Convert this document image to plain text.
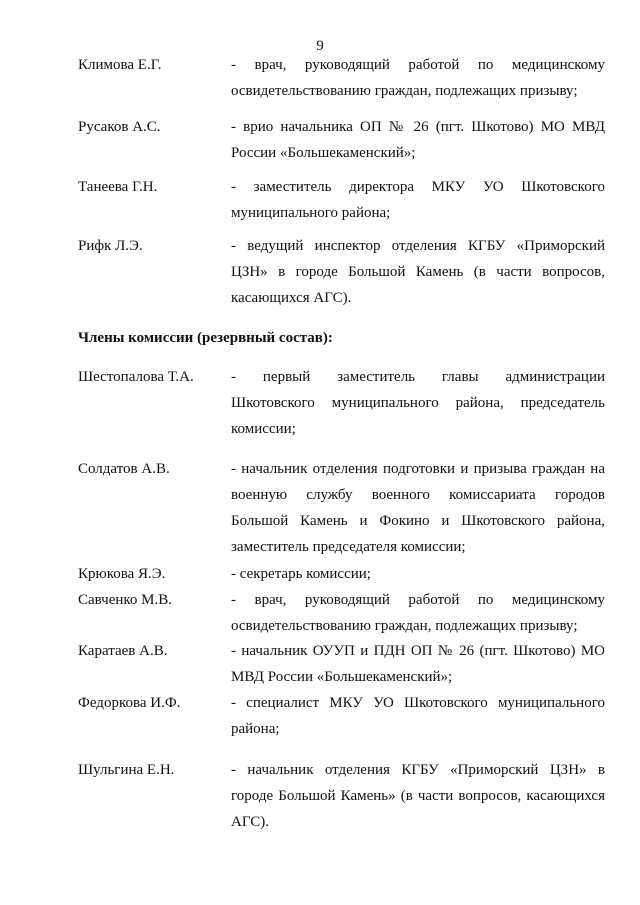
9
Климова Е.Г.	- врач, руководящий работой по медицинскому
освидетельствованию граждан, подлежащих призыву;
Русаков А.С.	- врио начальника ОП № 26 (пгт. Шкотово) МО МВД
России «Большекаменский»;
Танеева Г.Н.	- заместитель директора МКУ УО Шкотовского
муниципального района;
Рифк Л.Э.	- ведущий инспектор отделения КГБУ «Приморский
ЦЗН» в городе Большой Камень (в части вопросов,
касающихся АГС).
Члены комиссии (резервный состав):
Шестопалова Т.А. - первый заместитель главы администрации
Шкотовского муниципального района, председатель
комиссии;
Солдатов А.В.	- начальник отделения подготовки и призыва граждан на
военную службу военного комиссариата городов
Большой Камень и Фокино и Шкотовского района,
заместитель председателя комиссии;
Крюкова Я.Э.	- секретарь комиссии;
Савченко М.В.	- врач, руководящий работой по медицинскому
освидетельствованию граждан, подлежащих призыву;
Каратаев А.В.	- начальник ОУУП и ПДН ОП № 26 (пгт. Шкотово) МО
МВД России «Большекаменский»;
Федоркова И.Ф.	- специалист МКУ УО Шкотовского муниципального
района;
Шульгина Е.Н.	- начальник отделения КГБУ «Приморский ЦЗН» в
городе Большой Камень» (в части вопросов, касающихся
АГС).
